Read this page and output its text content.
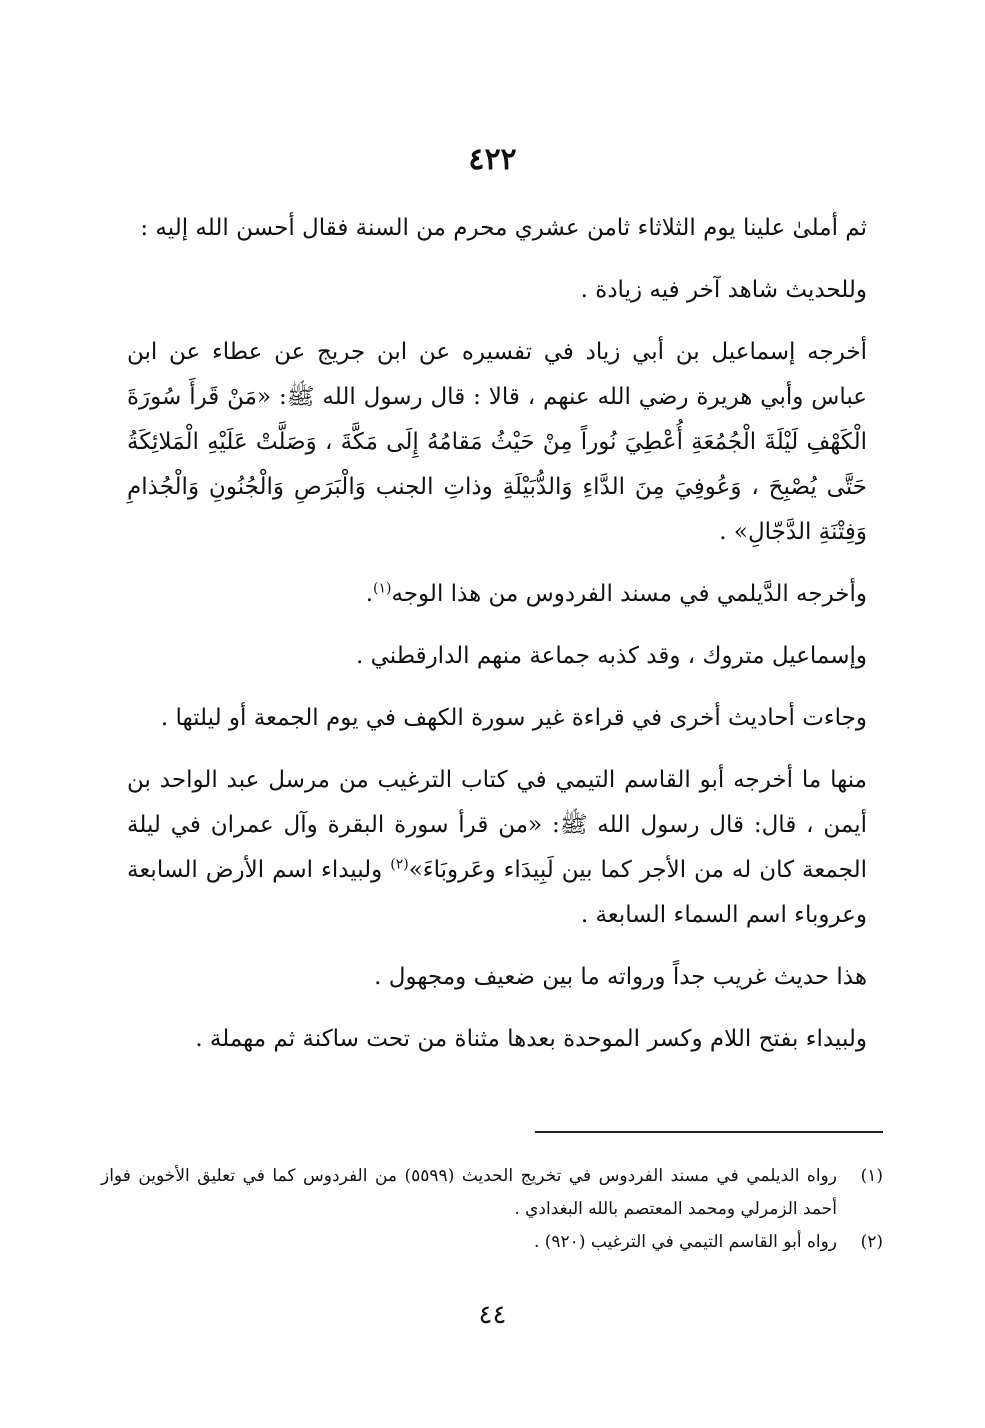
٤٢٢

ثم أملىٰ علينا يوم الثلاثاء ثامن عشري محرم من السنة فقال أحسن الله إليه :

وللحديث شاهد آخر فيه زيادة .

أخرجه إسماعيل بن أبي زياد في تفسيره عن ابن جريج عن عطاء عن ابن عباس وأبي هريرة رضي الله عنهم ، قالا : قال رسول الله ﷺ: «مَنْ قَرأَ سُورَةَ الْكَهْفِ لَيْلَةَ الْجُمُعَةِ أُعْطِيَ نُوراً مِنْ حَيْثُ مَقامُهُ إِلَى مَكَّةَ ، وَصَلَّتْ عَلَيْهِ الْمَلائِكَةُ حَتَّى يُصْبِحَ ، وَعُوفِيَ مِنَ الدَّاءِ وَالدُّبَيْلَةِ وذاتِ الجنب وَالْبَرَصِ وَالْجُنُونِ وَالْجُذامِ وَفِتْنَةِ الدَّجّالِ» .

وأخرجه الدَّيلمي في مسند الفردوس من هذا الوجه$^{(١)}$.

وإسماعيل متروك ، وقد كذبه جماعة منهم الدارقطني .

وجاءت أحاديث أخرى في قراءة غير سورة الكهف في يوم الجمعة أو ليلتها .

منها ما أخرجه أبو القاسم التيمي في كتاب الترغيب من مرسل عبد الواحد بن أيمن ، قال: قال رسول الله ﷺ: «من قرأ سورة البقرة وآل عمران في ليلة الجمعة كان له من الأجر كما بين لَبِيدَاء وعَروبَاءَ»$^{(٢)}$ ولبيداء اسم الأرض السابعة وعروباء اسم السماء السابعة .

هذا حديث غريب جداً ورواته ما بين ضعيف ومجهول .

ولبيداء بفتح اللام وكسر الموحدة بعدها مثناة من تحت ساكنة ثم مهملة .

(١)
رواه الديلمي في مسند الفردوس في تخريج الحديث (٥٥٩٩) من الفردوس كما في تعليق الأخوين فواز أحمد الزمرلي ومحمد المعتصم بالله البغدادي .
(٢)
رواه أبو القاسم التيمي في الترغيب (٩٢٠) .
٤٤
